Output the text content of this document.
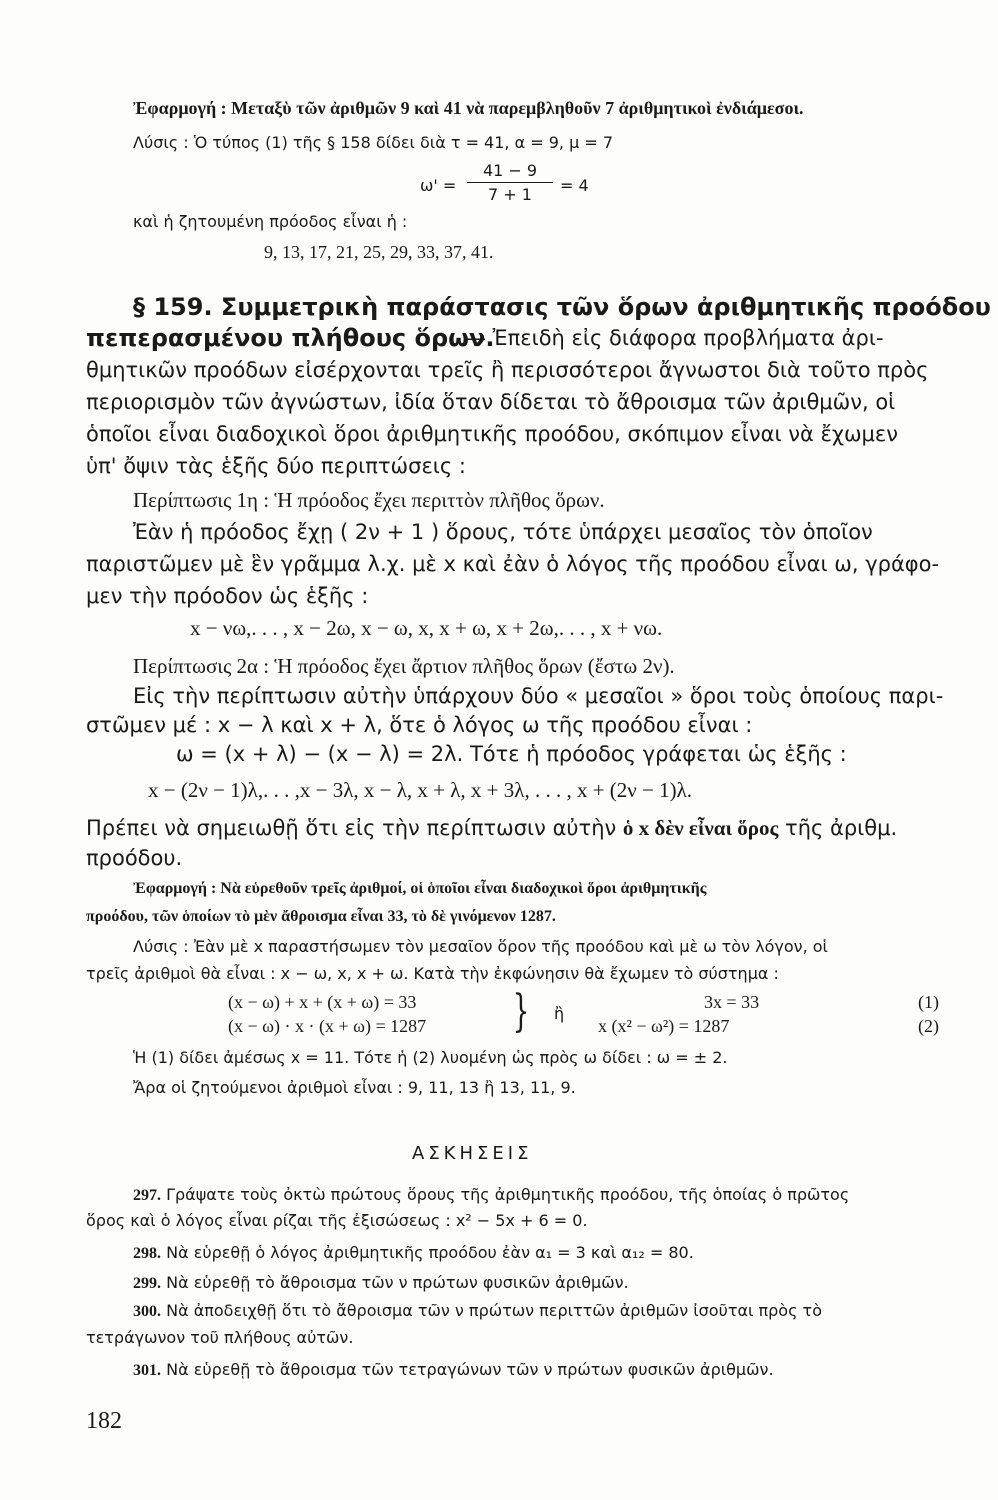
Ἐφαρμογή : Μεταξὺ τῶν ἀριθμῶν 9 καὶ 41 νὰ παρεμβληθοῦν 7 ἀριθμητικοὶ ἐνδιάμεσοι.
Λύσις : Ὁ τύπος (1) τῆς § 158 δίδει διὰ τ = 41, α = 9, μ = 7
$\omega' = \frac{41 - 9}{7 + 1} = 4$
καὶ ἡ ζητουμένη πρόοδος εἶναι ἡ :
9, 13, 17, 21, 25, 29, 33, 37, 41.
§ 159. Συμμετρικὴ παράστασις τῶν ὅρων ἀριθμητικῆς προόδου
πεπερασμένου πλήθους ὅρων.
— Ἐπειδὴ εἰς διάφορα προβλήματα ἀρι-
θμητικῶν προόδων εἰσέρχονται τρεῖς ἢ περισσότεροι ἄγνωστοι διὰ τοῦτο πρὸς
περιορισμὸν τῶν ἀγνώστων, ἰδία ὅταν δίδεται τὸ ἄθροισμα τῶν ἀριθμῶν, οἱ
ὁποῖοι εἶναι διαδοχικοὶ ὅροι ἀριθμητικῆς προόδου, σκόπιμον εἶναι νὰ ἔχωμεν
ὑπ' ὄψιν τὰς ἑξῆς δύο περιπτώσεις :
Περίπτωσις 1η : Ἡ πρόοδος ἔχει περιττὸν πλῆθος ὅρων.
Ἐὰν ἡ πρόοδος ἔχῃ ( 2ν + 1 ) ὅρους, τότε ὑπάρχει μεσαῖος τὸν ὁποῖον
παριστῶμεν μὲ ἓν γρᾶμμα λ.χ. μὲ x καὶ ἐὰν ὁ λόγος τῆς προόδου εἶναι ω, γράφο-
μεν τὴν πρόοδον ὡς ἑξῆς :
x − νω,. . . , x − 2ω, x − ω, x, x + ω, x + 2ω,. . . , x + νω.
Περίπτωσις 2α : Ἡ πρόοδος ἔχει ἄρτιον πλῆθος ὅρων (ἔστω 2ν).
Εἰς τὴν περίπτωσιν αὐτὴν ὑπάρχουν δύο « μεσαῖοι » ὅροι τοὺς ὁποίους παρι-
στῶμεν μέ : x − λ καὶ x + λ, ὅτε ὁ λόγος ω τῆς προόδου εἶναι :
ω = (x + λ) − (x − λ) = 2λ. Τότε ἡ πρόοδος γράφεται ὡς ἑξῆς :
x − (2ν − 1)λ,. . . ,x − 3λ, x − λ, x + λ, x + 3λ, . . . , x + (2ν − 1)λ.
Πρέπει νὰ σημειωθῇ ὅτι εἰς τὴν περίπτωσιν αὐτὴν ὁ x δὲν εἶναι ὅρος τῆς ἀριθμ.
προόδου.
Ἐφαρμογή : Νὰ εὑρεθοῦν τρεῖς ἀριθμοί, οἱ ὁποῖοι εἶναι διαδοχικοὶ ὅροι ἀριθμητικῆς
προόδου, τῶν ὁποίων τὸ μὲν ἄθροισμα εἶναι 33, τὸ δὲ γινόμενον 1287.
Λύσις : Ἐὰν μὲ x παραστήσωμεν τὸν μεσαῖον ὅρον τῆς προόδου καὶ μὲ ω τὸν λόγον, οἱ
τρεῖς ἀριθμοὶ θὰ εἶναι : x − ω, x, x + ω. Κατὰ τὴν ἐκφώνησιν θὰ ἔχωμεν τὸ σύστημα :
(x − ω) + x + (x + ω) = 33
(x − ω) · x · (x + ω) = 1287 } ἢ
3x = 33
x (x² − ω²) = 1287
(1)
(2)
Ἡ (1) δίδει ἀμέσως x = 11. Τότε ἡ (2) λυομένη ὡς πρὸς ω δίδει : ω = ± 2.
Ἄρα οἱ ζητούμενοι ἀριθμοὶ εἶναι : 9, 11, 13 ἢ 13, 11, 9.
ΑΣΚΗΣΕΙΣ
297. Γράψατε τοὺς ὀκτὼ πρώτους ὅρους τῆς ἀριθμητικῆς προόδου, τῆς ὁποίας ὁ πρῶτος
ὅρος καὶ ὁ λόγος εἶναι ρίζαι τῆς ἐξισώσεως : x² − 5x + 6 = 0.
298. Νὰ εὑρεθῇ ὁ λόγος ἀριθμητικῆς προόδου ἐὰν α₁ = 3 καὶ α₁₂ = 80.
299. Νὰ εὑρεθῇ τὸ ἄθροισμα τῶν ν πρώτων φυσικῶν ἀριθμῶν.
300. Νὰ ἀποδειχθῇ ὅτι τὸ ἄθροισμα τῶν ν πρώτων περιττῶν ἀριθμῶν ἰσοῦται πρὸς τὸ
τετράγωνον τοῦ πλήθους αὐτῶν.
301. Νὰ εὑρεθῇ τὸ ἄθροισμα τῶν τετραγώνων τῶν ν πρώτων φυσικῶν ἀριθμῶν.
182
